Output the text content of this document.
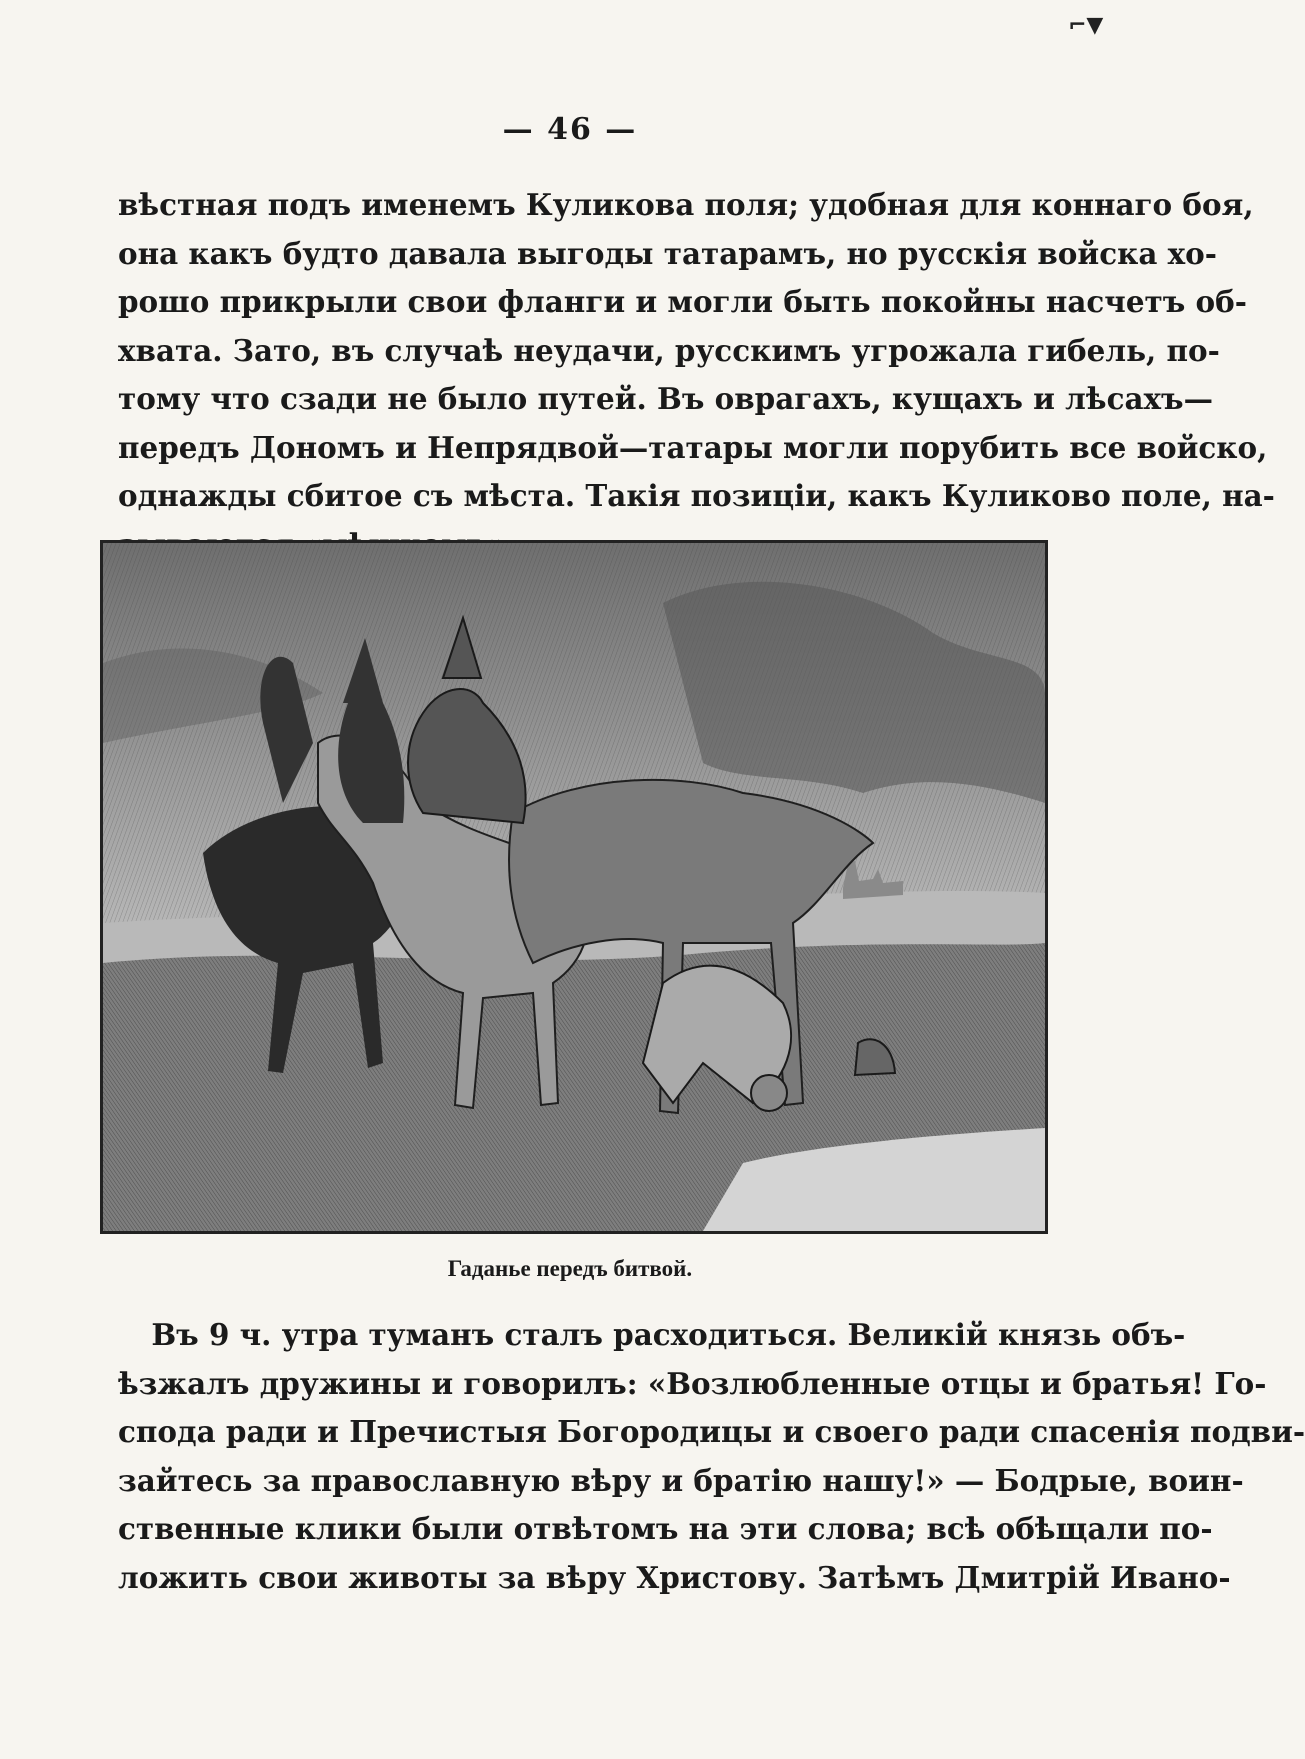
⌐▼
— 46 —
вѣстная подъ именемъ Куликова поля; удобная для коннаго боя,
она какъ будто давала выгоды татарамъ, но русскія войска хо-
рошо прикрыли свои фланги и могли быть покойны насчетъ об-
хвата. Зато, въ случаѣ неудачи, русскимъ угрожала гибель, по-
тому что сзади не было путей. Въ оврагахъ, кущахъ и лѣсахъ—
передъ Дономъ и Непрядвой—татары могли порубить все войско,
однажды сбитое съ мѣста. Такія позиціи, какъ Куликово поле, на-
Гаданье передъ битвой.
Въ 9 ч. утра туманъ сталъ расходиться. Великій князь объ-
ѣзжалъ дружины и говорилъ: «Возлюбленные отцы и братья! Го-
спода ради и Пречистыя Богородицы и своего ради спасенія подви-
зайтесь за православную вѣру и братію нашу!» — Бодрые, воин-
ственные клики были отвѣтомъ на эти слова; всѣ обѣщали по-
ложить свои животы за вѣру Христову. Затѣмъ Дмитрій Ивано-
